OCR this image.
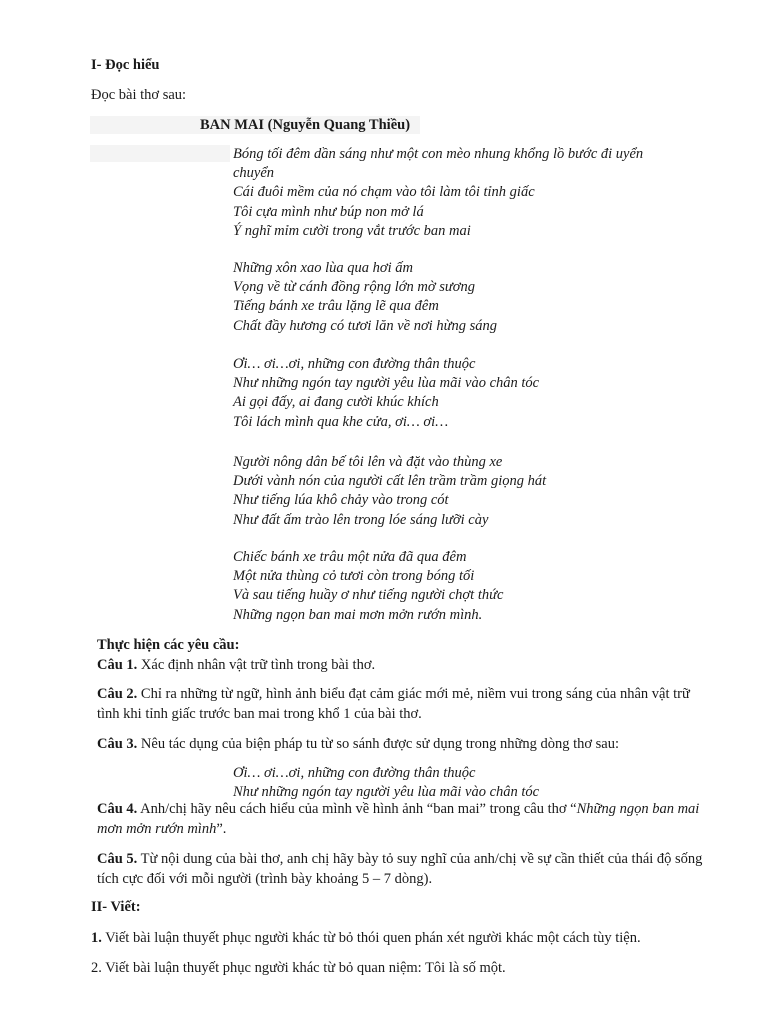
I- Đọc hiểu
Đọc bài thơ sau:
BAN MAI (Nguyễn Quang Thiều)
Bóng tối đêm dần sáng như một con mèo nhung khổng lồ bước đi uyển
chuyển
Cái đuôi mềm của nó chạm vào tôi làm tôi tỉnh giấc
Tôi cựa mình như búp non mở lá
Ý nghĩ mỉm cười trong vắt trước ban mai
Những xôn xao lùa qua hơi ấm
Vọng về từ cánh đồng rộng lớn mờ sương
Tiếng bánh xe trâu lặng lẽ qua đêm
Chất đầy hương có tươi lăn về nơi hừng sáng
Ơi… ơi…ơi, những con đường thân thuộc
Như những ngón tay người yêu lùa mãi vào chân tóc
Ai gọi đấy, ai đang cười khúc khích
Tôi lách mình qua khe cửa, ơi… ơi…
Người nông dân bế tôi lên và đặt vào thùng xe
Dưới vành nón của người cất lên trầm trầm giọng hát
Như tiếng lúa khô chảy vào trong cót
Như đất ấm trào lên trong lóe sáng lưỡi cày
Chiếc bánh xe trâu một nửa đã qua đêm
Một nửa thùng cỏ tươi còn trong bóng tối
Và sau tiếng huầy ơ như tiếng người chợt thức
Những ngọn ban mai mơn mởn rướn mình.
Thực hiện các yêu cầu:
Câu 1. Xác định nhân vật trữ tình trong bài thơ.
Câu 2. Chỉ ra những từ ngữ, hình ảnh biểu đạt cảm giác mới mẻ, niềm vui trong sáng của nhân vật trữ tình khi tỉnh giấc trước ban mai trong khổ 1 của bài thơ.
Câu 3. Nêu tác dụng của biện pháp tu từ so sánh được sử dụng trong những dòng thơ sau:
Ơi… ơi…ơi, những con đường thân thuộc
Như những ngón tay người yêu lùa mãi vào chân tóc
Câu 4. Anh/chị hãy nêu cách hiểu của mình về hình ảnh “ban mai” trong câu thơ “Những ngọn ban mai mơn mởn rướn mình”.
Câu 5. Từ nội dung của bài thơ, anh chị hãy bày tỏ suy nghĩ của anh/chị về sự cần thiết của thái độ sống tích cực đối với mỗi người (trình bày khoảng 5 – 7 dòng).
II- Viết:
1. Viết bài luận thuyết phục người khác từ bỏ thói quen phán xét người khác một cách tùy tiện.
2. Viết bài luận thuyết phục người khác từ bỏ quan niệm: Tôi là số một.
